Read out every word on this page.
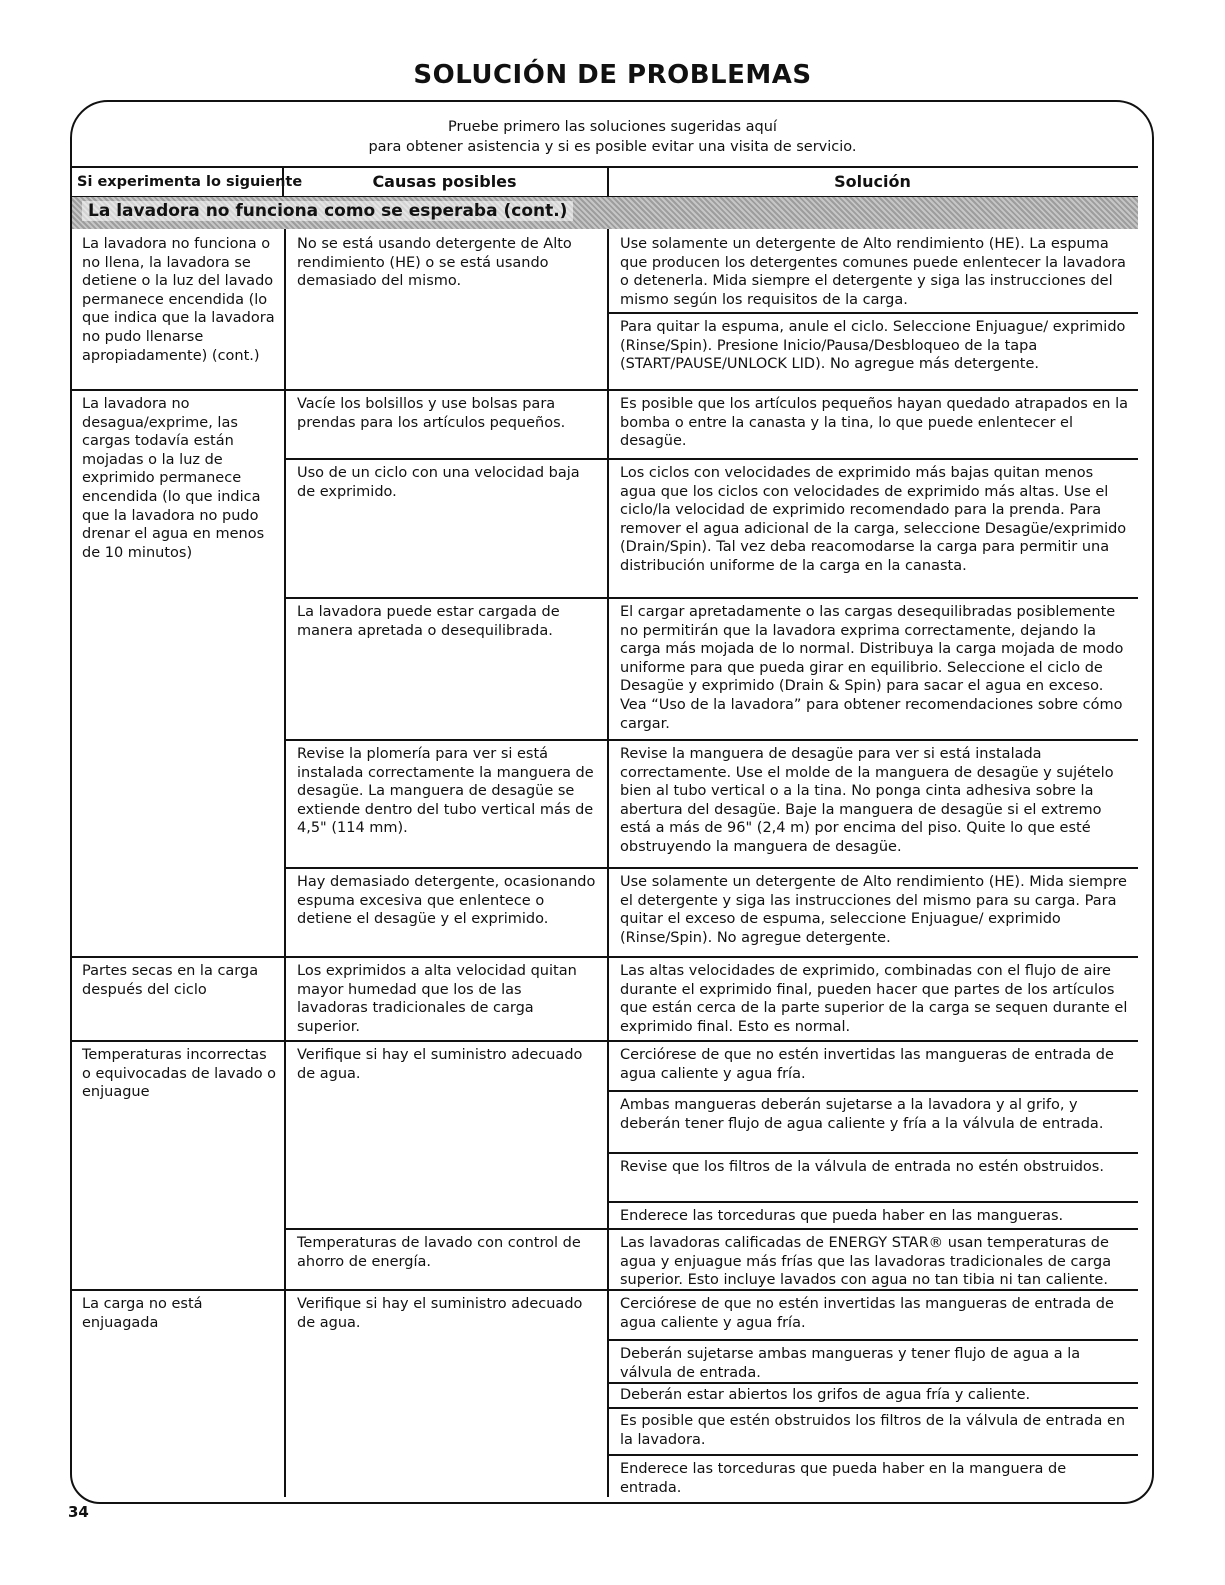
SOLUCIÓN DE PROBLEMAS
Pruebe primero las soluciones sugeridas aquí
para obtener asistencia y si es posible evitar una visita de servicio.
Si experimenta lo siguiente	Causas posibles	Solución
La lavadora no funciona como se esperaba (cont.)
La lavadora no funciona o no llena, la lavadora se detiene o la luz del lavado permanece encendida (lo que indica que la lavadora no pudo llenarse apropiadamente) (cont.)
La lavadora no desagua/exprime, las cargas todavía están mojadas o la luz de exprimido permanece encendida (lo que indica que la lavadora no pudo drenar el agua en menos de 10 minutos)
Partes secas en la carga después del ciclo
Temperaturas incorrectas o equivocadas de lavado o enjuague
La carga no está enjuagada
No se está usando detergente de Alto rendimiento (HE) o se está usando demasiado del mismo.
Vacíe los bolsillos y use bolsas para prendas para los artículos pequeños.
Uso de un ciclo con una velocidad baja de exprimido.
La lavadora puede estar cargada de manera apretada o desequilibrada.
Revise la plomería para ver si está instalada correctamente la manguera de desagüe. La manguera de desagüe se extiende dentro del tubo vertical más de 4,5" (114 mm).
Hay demasiado detergente, ocasionando espuma excesiva que enlentece o detiene el desagüe y el exprimido.
Los exprimidos a alta velocidad quitan mayor humedad que los de las lavadoras tradicionales de carga superior.
Verifique si hay el suministro adecuado de agua.
Temperaturas de lavado con control de ahorro de energía.
Verifique si hay el suministro adecuado de agua.
Use solamente un detergente de Alto rendimiento (HE). La espuma que producen los detergentes comunes puede enlentecer la lavadora o detenerla. Mida siempre el detergente y siga las instrucciones del mismo según los requisitos de la carga.
Para quitar la espuma, anule el ciclo. Seleccione Enjuague/ exprimido (Rinse/Spin). Presione Inicio/Pausa/Desbloqueo de la tapa (START/PAUSE/UNLOCK LID). No agregue más detergente.
Es posible que los artículos pequeños hayan quedado atrapados en la bomba o entre la canasta y la tina, lo que puede enlentecer el desagüe.
Los ciclos con velocidades de exprimido más bajas quitan menos agua que los ciclos con velocidades de exprimido más altas. Use el ciclo/la velocidad de exprimido recomendado para la prenda. Para remover el agua adicional de la carga, seleccione Desagüe/exprimido (Drain/Spin). Tal vez deba reacomodarse la carga para permitir una distribución uniforme de la carga en la canasta.
El cargar apretadamente o las cargas desequilibradas posiblemente no permitirán que la lavadora exprima correctamente, dejando la carga más mojada de lo normal. Distribuya la carga mojada de modo uniforme para que pueda girar en equilibrio. Seleccione el ciclo de Desagüe y exprimido (Drain & Spin) para sacar el agua en exceso. Vea “Uso de la lavadora” para obtener recomendaciones sobre cómo cargar.
Revise la manguera de desagüe para ver si está instalada correctamente. Use el molde de la manguera de desagüe y sujételo bien al tubo vertical o a la tina. No ponga cinta adhesiva sobre la abertura del desagüe. Baje la manguera de desagüe si el extremo está a más de 96" (2,4 m) por encima del piso. Quite lo que esté obstruyendo la manguera de desagüe.
Use solamente un detergente de Alto rendimiento (HE). Mida siempre el detergente y siga las instrucciones del mismo para su carga. Para quitar el exceso de espuma, seleccione Enjuague/ exprimido (Rinse/Spin). No agregue detergente.
Las altas velocidades de exprimido, combinadas con el flujo de aire durante el exprimido final, pueden hacer que partes de los artículos que están cerca de la parte superior de la carga se sequen durante el exprimido final. Esto es normal.
Cerciórese de que no estén invertidas las mangueras de entrada de agua caliente y agua fría.
Ambas mangueras deberán sujetarse a la lavadora y al grifo, y deberán tener flujo de agua caliente y fría a la válvula de entrada.
Revise que los filtros de la válvula de entrada no estén obstruidos.
Enderece las torceduras que pueda haber en las mangueras.
Las lavadoras calificadas de ENERGY STAR® usan temperaturas de agua y enjuague más frías que las lavadoras tradicionales de carga superior. Esto incluye lavados con agua no tan tibia ni tan caliente.
Cerciórese de que no estén invertidas las mangueras de entrada de agua caliente y agua fría.
Deberán sujetarse ambas mangueras y tener flujo de agua a la válvula de entrada.
Deberán estar abiertos los grifos de agua fría y caliente.
Es posible que estén obstruidos los filtros de la válvula de entrada en la lavadora.
Enderece las torceduras que pueda haber en la manguera de entrada.
34
